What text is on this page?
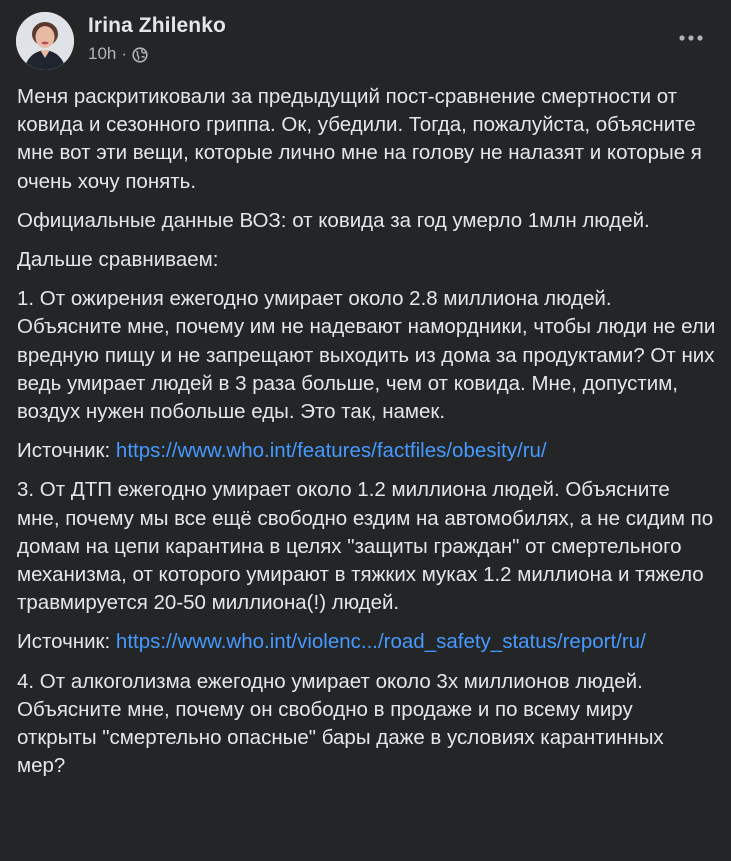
Irina Zhilenko
10h ·

Меня раскритиковали за предыдущий пост-сравнение смертности от ковида и сезонного гриппа. Ок, убедили. Тогда, пожалуйста, объясните мне вот эти вещи, которые лично мне на голову не налазят и которые я очень хочу понять.

Официальные данные ВОЗ: от ковида за год умерло 1млн людей.

Дальше сравниваем:

1. От ожирения ежегодно умирает около 2.8 миллиона людей. Объясните мне, почему им не надевают намордники, чтобы люди не ели вредную пищу и не запрещают выходить из дома за продуктами? От них ведь умирает людей в 3 раза больше, чем от ковида. Мне, допустим, воздух нужен побольше еды. Это так, намек.

Источник: https://www.who.int/features/factfiles/obesity/ru/

3. От ДТП ежегодно умирает около 1.2 миллиона людей. Объясните мне, почему мы все ещё свободно ездим на автомобилях, а не сидим по домам на цепи карантина в целях "защиты граждан" от смертельного механизма, от которого умирают в тяжких муках 1.2 миллиона и тяжело травмируется 20-50 миллиона(!) людей.

Источник: https://www.who.int/violenc.../road_safety_status/report/ru/

4. От алкоголизма ежегодно умирает около 3х миллионов людей. Объясните мне, почему он свободно в продаже и по всему миру открыты "смертельно опасные" бары даже в условиях карантинных мер?
